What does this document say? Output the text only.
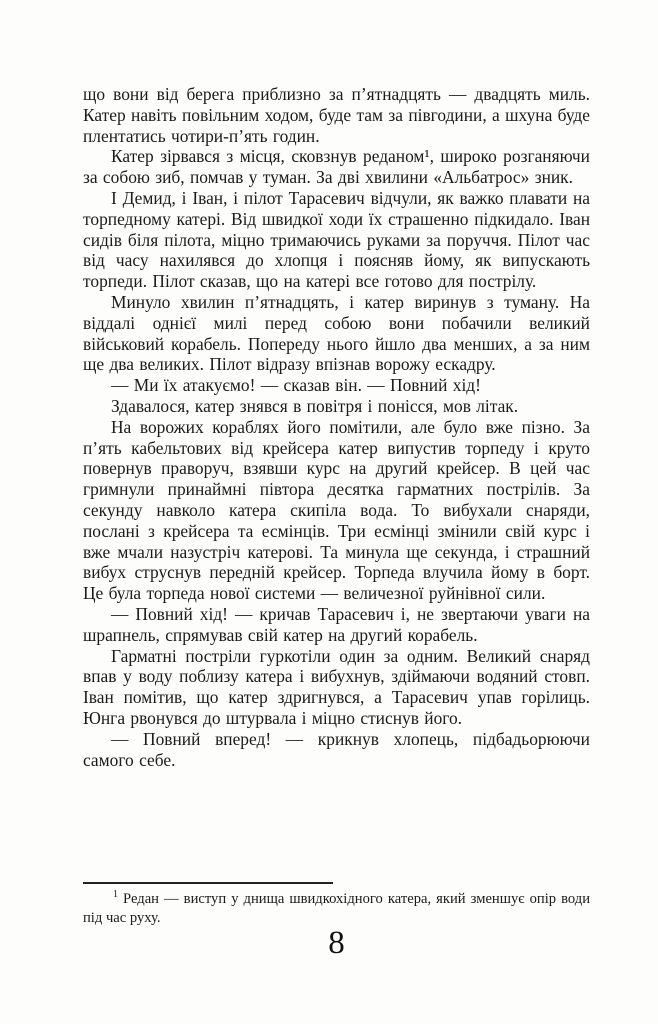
що вони від берега приблизно за п’ятнадцять — двадцять миль. Катер навіть повільним ходом, буде там за півгодини, а шхуна буде плентатись чотири-п’ять годин.

Катер зірвався з місця, сковзнув реданом¹, широко розганяючи за собою зиб, помчав у туман. За дві хвилини «Альбатрос» зник.

І Демид, і Іван, і пілот Тарасевич відчули, як важко плавати на торпедному катері. Від швидкої ходи їх страшенно підкидало. Іван сидів біля пілота, міцно тримаючись руками за поруччя. Пілот час від часу нахилявся до хлопця і поясняв йому, як випускають торпеди. Пілот сказав, що на катері все готово для пострілу.

Минуло хвилин п’ятнадцять, і катер виринув з туману. На віддалі однієї милі перед собою вони побачили великий військовий корабель. Попереду нього йшло два менших, а за ним ще два великих. Пілот відразу впізнав ворожу ескадру.

— Ми їх атакуємо! — сказав він. — Повний хід!

Здавалося, катер знявся в повітря і понісся, мов літак.

На ворожих кораблях його помітили, але було вже пізно. За п’ять кабельтових від крейсера катер випустив торпеду і круто повернув праворуч, взявши курс на другий крейсер. В цей час гримнули принаймні півтора десятка гарматних пострілів. За секунду навколо катера скипіла вода. То вибухали снаряди, послані з крейсера та есмінців. Три есмінці змінили свій курс і вже мчали назустріч катерові. Та минула ще секунда, і страшний вибух струснув передній крейсер. Торпеда влучила йому в борт. Це була торпеда нової системи — величезної руйнівної сили.

— Повний хід! — кричав Тарасевич і, не звертаючи уваги на шрапнель, спрямував свій катер на другий корабель.

Гарматні постріли гуркотіли один за одним. Великий снаряд впав у воду поблизу катера і вибухнув, здіймаючи водяний стовп. Іван помітив, що катер здригнувся, а Тарасевич упав горілиць. Юнга рвонувся до штурвала і міцно стиснув його.

— Повний вперед! — крикнув хлопець, підбадьорюючи самого себе.

$^1$ Редан — виступ у днища швидкохідного катера, який зменшує опір води під час руху.

8
